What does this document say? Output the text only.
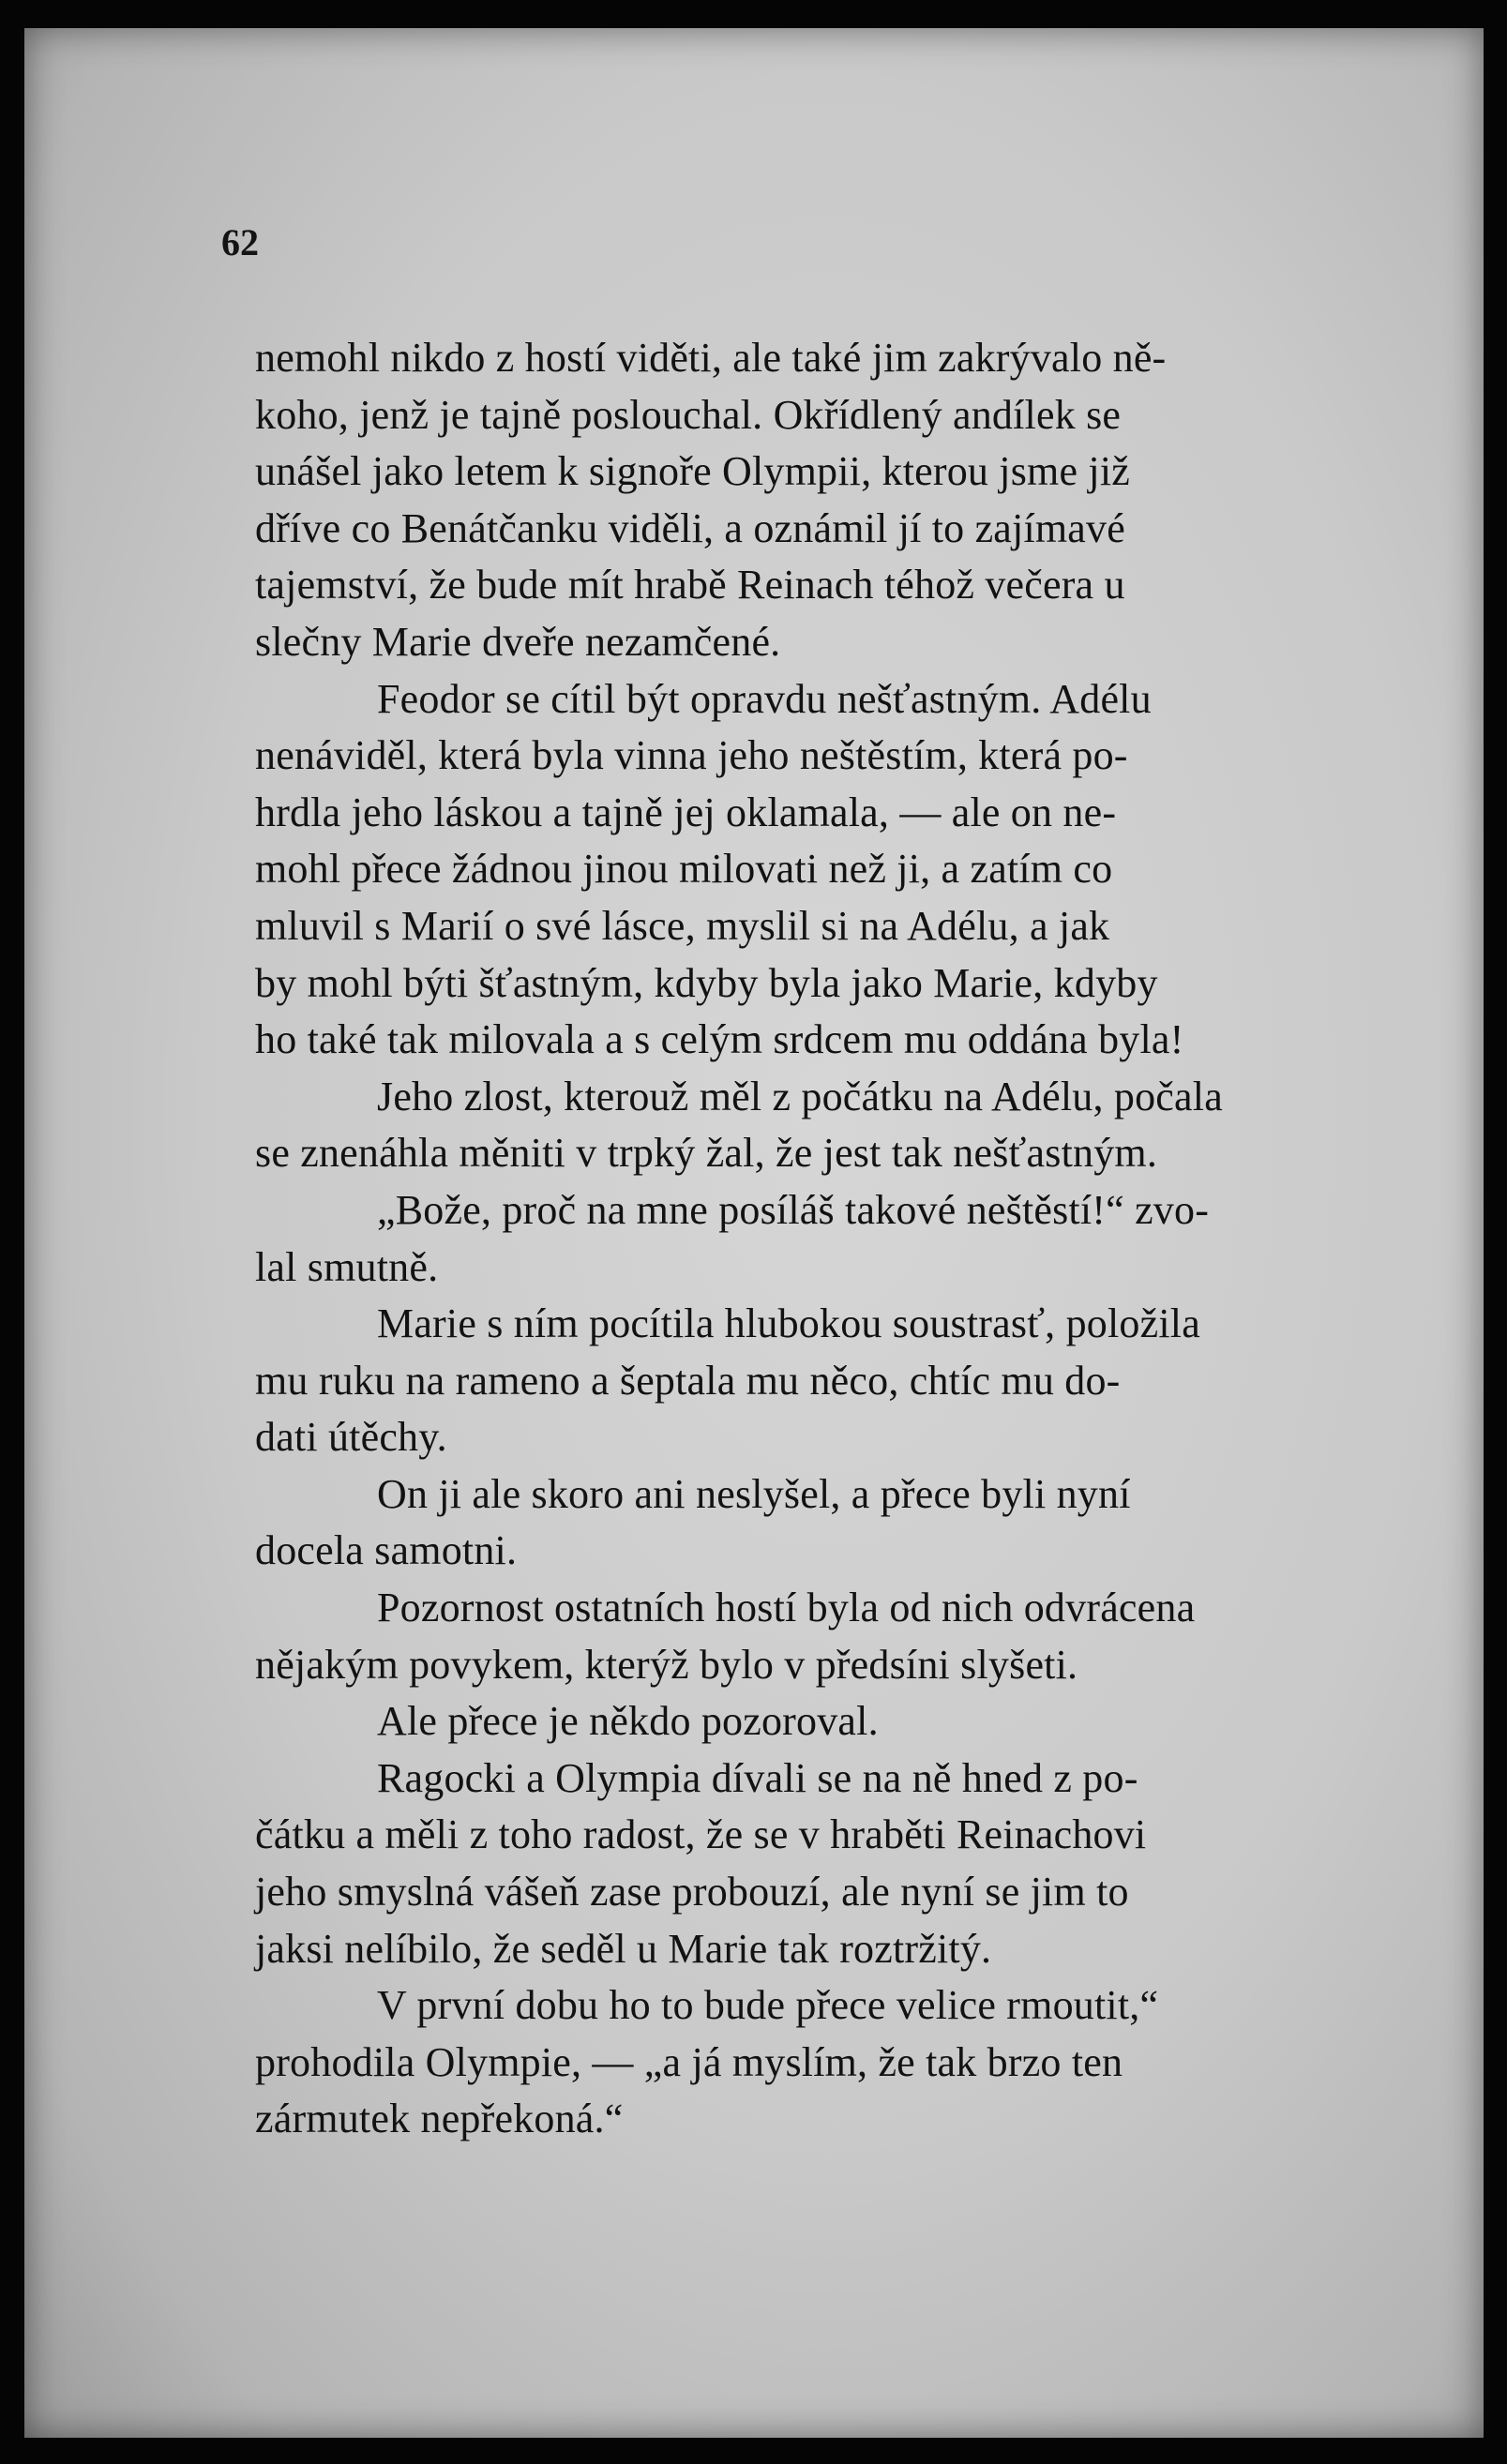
62
nemohl nikdo z hostí viděti, ale také jim zakrývalo ně-
koho, jenž je tajně poslouchal. Okřídlený andílek se
unášel jako letem k signoře Olympii, kterou jsme již
dříve co Benátčanku viděli, a oznámil jí to zajímavé
tajemství, že bude mít hrabě Reinach téhož večera u
slečny Marie dveře nezamčené.
Feodor se cítil být opravdu nešťastným. Adélu
nenáviděl, která byla vinna jeho neštěstím, která po-
hrdla jeho láskou a tajně jej oklamala, — ale on ne-
mohl přece žádnou jinou milovati než ji, a zatím co
mluvil s Marií o své lásce, myslil si na Adélu, a jak
by mohl býti šťastným, kdyby byla jako Marie, kdyby
ho také tak milovala a s celým srdcem mu oddána byla!
Jeho zlost, kterouž měl z počátku na Adélu, počala
se znenáhla měniti v trpký žal, že jest tak nešťastným.
„Bože, proč na mne posíláš takové neštěstí!“ zvo-
lal smutně.
Marie s ním pocítila hlubokou soustrasť, položila
mu ruku na rameno a šeptala mu něco, chtíc mu do-
dati útěchy.
On ji ale skoro ani neslyšel, a přece byli nyní
docela samotni.
Pozornost ostatních hostí byla od nich odvrácena
nějakým povykem, kterýž bylo v předsíni slyšeti.
Ale přece je někdo pozoroval.
Ragocki a Olympia dívali se na ně hned z po-
čátku a měli z toho radost, že se v hraběti Reinachovi
jeho smyslná vášeň zase probouzí, ale nyní se jim to
jaksi nelíbilo, že seděl u Marie tak roztržitý.
V první dobu ho to bude přece velice rmoutit,“
prohodila Olympie, — „a já myslím, že tak brzo ten
zármutek nepřekoná.“
